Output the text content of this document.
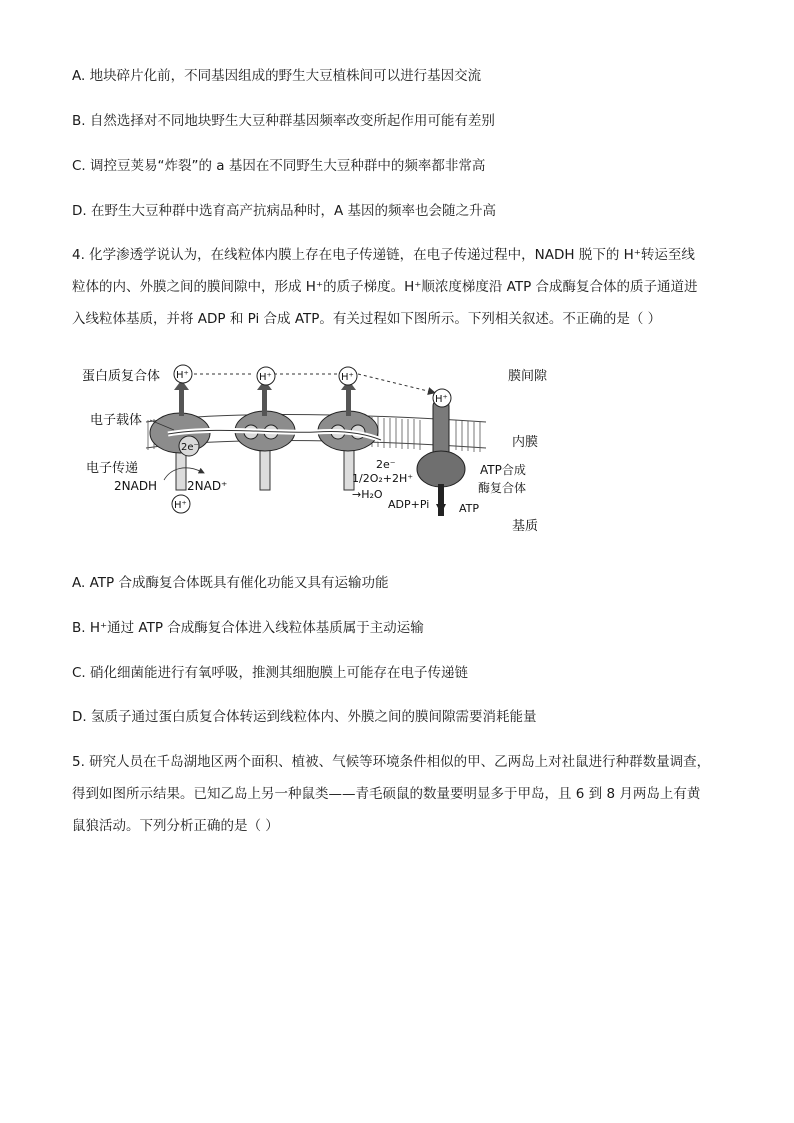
A. 地块碎片化前，不同基因组成的野生大豆植株间可以进行基因交流
B. 自然选择对不同地块野生大豆种群基因频率改变所起作用可能有差别
C. 调控豆荚易“炸裂”的 a 基因在不同野生大豆种群中的频率都非常高
D. 在野生大豆种群中选育高产抗病品种时，A 基因的频率也会随之升高
4. 化学渗透学说认为，在线粒体内膜上存在电子传递链，在电子传递过程中，NADH 脱下的 H⁺转运至线
粒体的内、外膜之间的膜间隙中，形成 H⁺的质子梯度。H⁺顺浓度梯度沿 ATP 合成酶复合体的质子通道进
入线粒体基质，并将 ADP 和 Pi 合成 ATP。有关过程如下图所示。下列相关叙述。不正确的是（ ）
2e⁻
H⁺	H⁺	H⁺
H⁺
H⁺
蛋白质复合体
电子载体
电子传递
2NADH 2NAD⁺
2e⁻
1/2O₂+2H⁺
→H₂O
ADP+Pi	ATP
ATP合成
酶复合体
膜间隙
内膜
基质
A. ATP 合成酶复合体既具有催化功能又具有运输功能
B. H⁺通过 ATP 合成酶复合体进入线粒体基质属于主动运输
C. 硝化细菌能进行有氧呼吸，推测其细胞膜上可能存在电子传递链
D. 氢质子通过蛋白质复合体转运到线粒体内、外膜之间的膜间隙需要消耗能量
5. 研究人员在千岛湖地区两个面积、植被、气候等环境条件相似的甲、乙两岛上对社鼠进行种群数量调查，
得到如图所示结果。已知乙岛上另一种鼠类——青毛硕鼠的数量要明显多于甲岛，且 6 到 8 月两岛上有黄
鼠狼活动。下列分析正确的是（ ）
